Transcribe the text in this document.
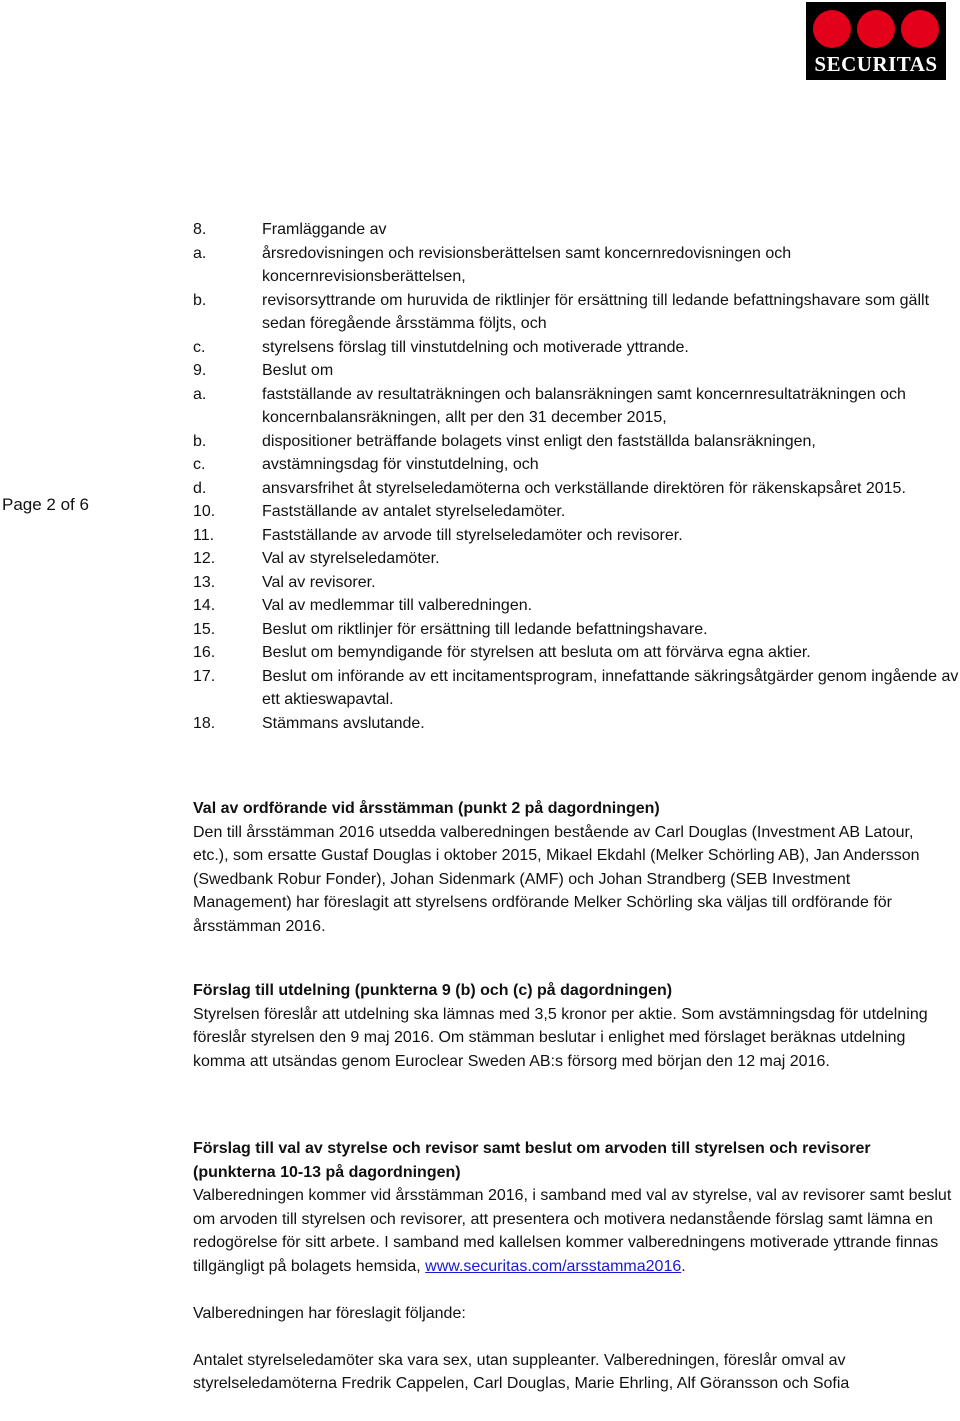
SECURITAS
Page 2 of 6
8.	Framläggande av
a.	årsredovisningen och revisionsberättelsen samt koncernredovisningen och koncernrevisionsberättelsen,
b.	revisorsyttrande om huruvida de riktlinjer för ersättning till ledande befattningshavare som gällt sedan föregående årsstämma följts, och
c.	styrelsens förslag till vinstutdelning och motiverade yttrande.
9.	Beslut om
a.	fastställande av resultaträkningen och balansräkningen samt koncernresultaträkningen och koncernbalansräkningen, allt per den 31 december 2015,
b.	dispositioner beträffande bolagets vinst enligt den fastställda balansräkningen,
c.	avstämningsdag för vinstutdelning, och
d.	ansvarsfrihet åt styrelseledamöterna och verkställande direktören för räkenskapsåret 2015.
10.	Fastställande av antalet styrelseledamöter.
11.	Fastställande av arvode till styrelseledamöter och revisorer.
12.	Val av styrelseledamöter.
13.	Val av revisorer.
14.	Val av medlemmar till valberedningen.
15.	Beslut om riktlinjer för ersättning till ledande befattningshavare.
16.	Beslut om bemyndigande för styrelsen att besluta om att förvärva egna aktier.
17.	Beslut om införande av ett incitamentsprogram, innefattande säkringsåtgärder genom ingående av ett aktieswapavtal.
18.	Stämmans avslutande.
Val av ordförande vid årsstämman (punkt 2 på dagordningen)

Den till årsstämman 2016 utsedda valberedningen bestående av Carl Douglas (Investment AB Latour, etc.), som ersatte Gustaf Douglas i oktober 2015, Mikael Ekdahl (Melker Schörling AB), Jan Andersson (Swedbank Robur Fonder), Johan Sidenmark (AMF) och Johan Strandberg (SEB Investment Management) har föreslagit att styrelsens ordförande Melker Schörling ska väljas till ordförande för årsstämman 2016.

Förslag till utdelning (punkterna 9 (b) och (c) på dagordningen)

Styrelsen föreslår att utdelning ska lämnas med 3,5 kronor per aktie. Som avstämningsdag för utdelning föreslår styrelsen den 9 maj 2016. Om stämman beslutar i enlighet med förslaget beräknas utdelning komma att utsändas genom Euroclear Sweden AB:s försorg med början den 12 maj 2016.

Förslag till val av styrelse och revisor samt beslut om arvoden till styrelsen och revisorer (punkterna 10-13 på dagordningen)

Valberedningen kommer vid årsstämman 2016, i samband med val av styrelse, val av revisorer samt beslut om arvoden till styrelsen och revisorer, att presentera och motivera nedanstående förslag samt lämna en redogörelse för sitt arbete. I samband med kallelsen kommer valberedningens motiverade yttrande finnas tillgängligt på bolagets hemsida, www.securitas.com/arsstamma2016.

Valberedningen har föreslagit följande:

Antalet styrelseledamöter ska vara sex, utan suppleanter. Valberedningen, föreslår omval av styrelseledamöterna Fredrik Cappelen, Carl Douglas, Marie Ehrling, Alf Göransson och Sofia
